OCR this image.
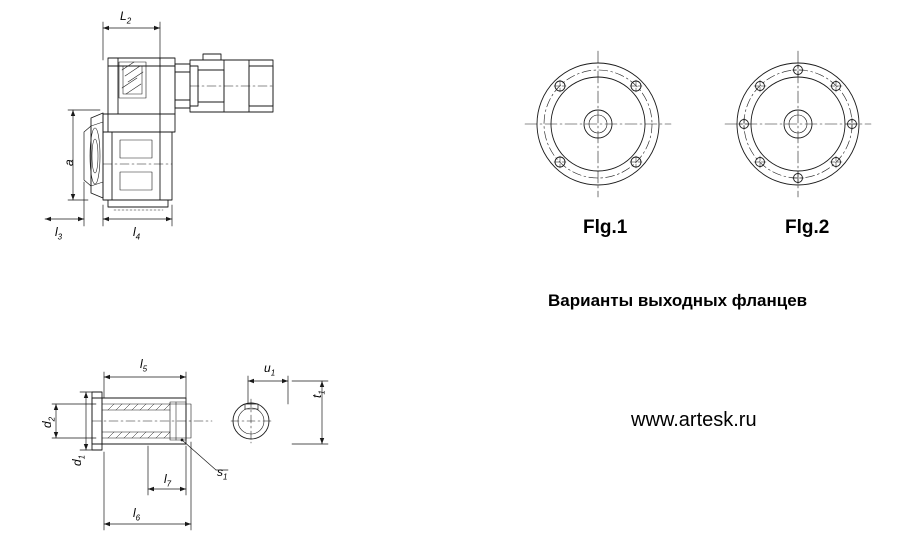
$L_2$
a
$l_3$	$l_4$
$l_5$	$u_1$
$t_1$
$d_2$
$d_1$
$l_7$
$s_1$
$l_6$
Flg.1	Flg.2
Варианты выходных фланцев
www.artesk.ru
